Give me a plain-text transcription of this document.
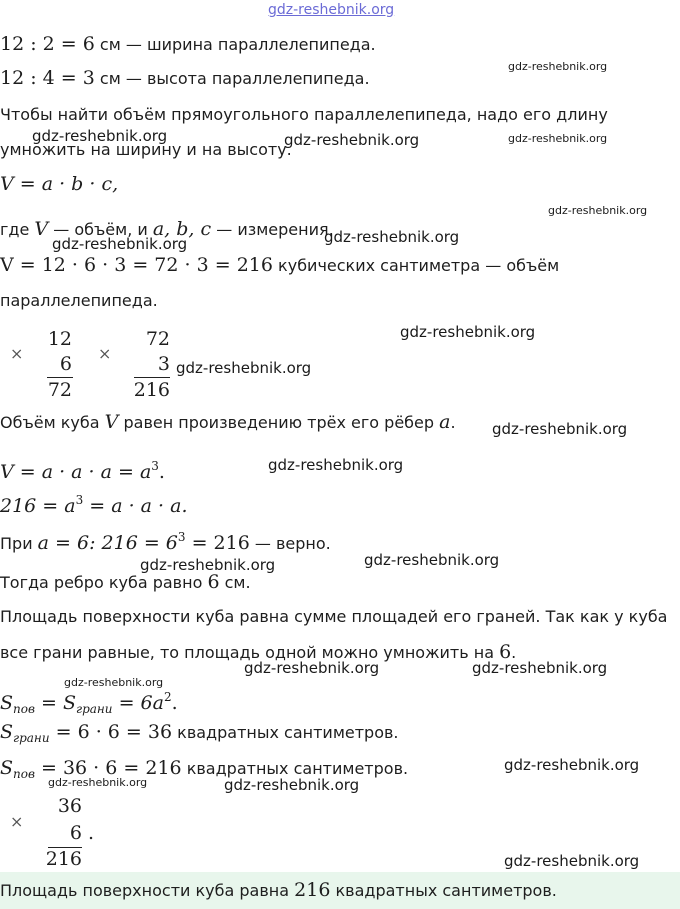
gdz-reshebnik.org
12 : 2 = 6 см — ширина параллелепипеда.
12 : 4 = 3 см — высота параллелепипеда.
Чтобы найти объём прямоугольного параллелепипеда, надо его длину
умножить на ширину и на высоту.
V = a · b · c,
где V — объём, и a, b, c — измерения.
V = 12 · 6 · 3 = 72 · 3 = 216 кубических сантиметра — объём
параллелепипеда.
×
12
6
72
×
72
3
216
Объём куба V равен произведению трёх его рёбер a.
$V = a \cdot a \cdot a = a^3$.
$216 = a^3 = a \cdot a \cdot a$.
При a = 6: $216 = 6^3 = 216$ — верно.
Тогда ребро куба равно 6 см.
Площадь поверхности куба равна сумме площадей его граней. Так как у куба
все грани равные, то площадь одной можно умножить на 6.
$S_{пов} = S_{грани} = 6a^2$.
$S_{грани} = 6 \cdot 6 = 36$ квадратных сантиметров.
$S_{пов} = 36 \cdot 6 = 216$ квадратных сантиметров.
×
36
6 .
216
Площадь поверхности куба равна 216 квадратных сантиметров.
gdz-reshebnik.org
gdz-reshebnik.org	gdz-reshebnik.org	gdz-reshebnik.org
gdz-reshebnik.org
gdz-reshebnik.org
gdz-reshebnik.org
gdz-reshebnik.org
gdz-reshebnik.org
gdz-reshebnik.org
gdz-reshebnik.org
gdz-reshebnik.org
gdz-reshebnik.org
gdz-reshebnik.org
gdz-reshebnik.org	gdz-reshebnik.org
gdz-reshebnik.org
gdz-reshebnik.org	gdz-reshebnik.org
gdz-reshebnik.org
